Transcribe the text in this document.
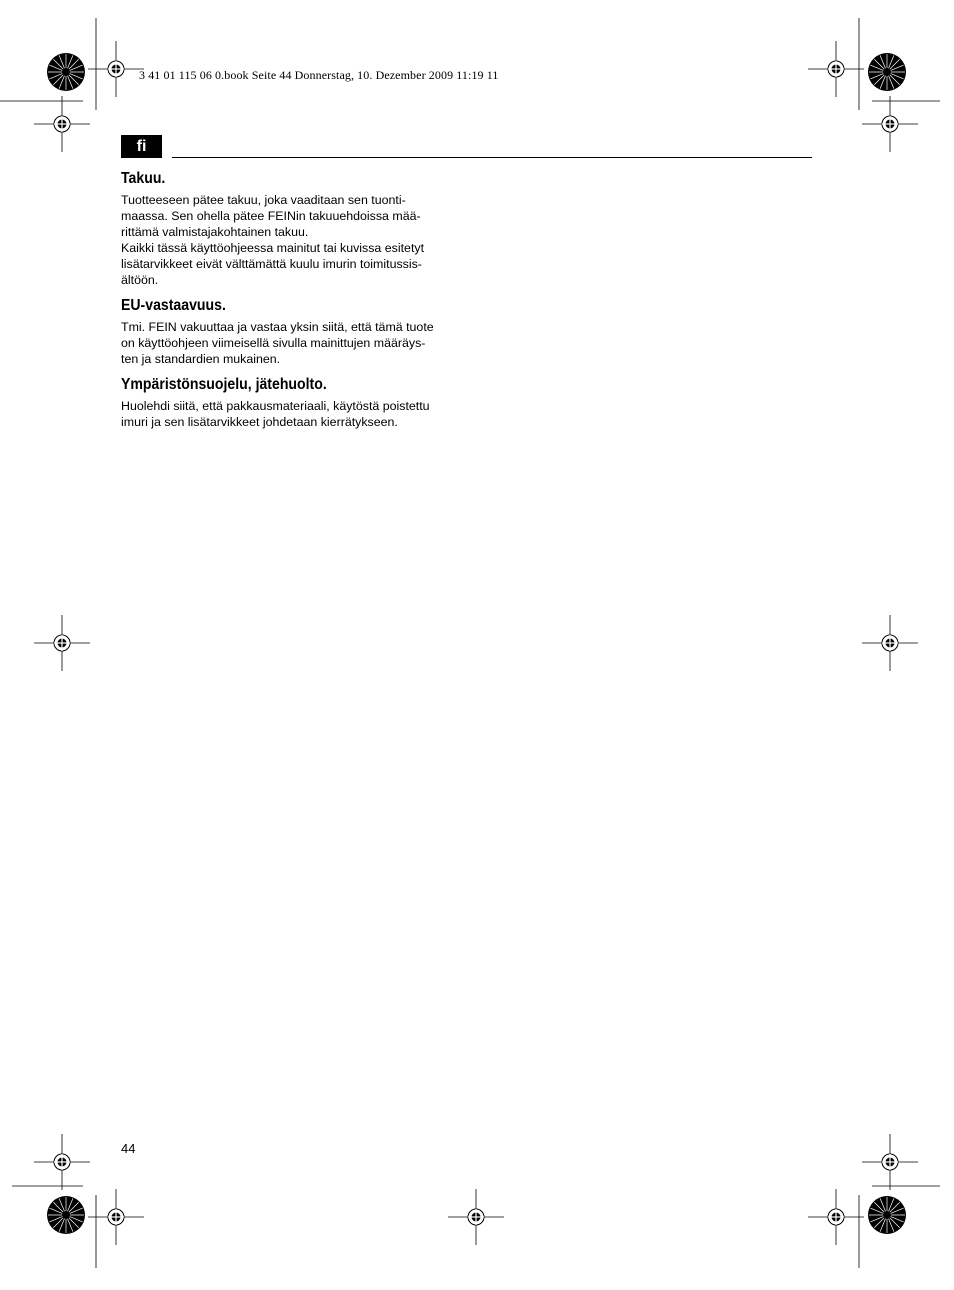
3 41 01 115 06 0.book Seite 44 Donnerstag, 10. Dezember 2009 11:19 11
fi
Takuu.

Tuotteeseen pätee takuu, joka vaaditaan sen tuonti-
maassa. Sen ohella pätee FEINin takuuehdoissa mää-
rittämä valmistajakohtainen takuu.

Kaikki tässä käyttöohjeessa mainitut tai kuvissa esitetyt
lisätarvikkeet eivät välttämättä kuulu imurin toimitussis-
ältöön.

EU-vastaavuus.

Tmi. FEIN vakuuttaa ja vastaa yksin siitä, että tämä tuote
on käyttöohjeen viimeisellä sivulla mainittujen määräys-
ten ja standardien mukainen.

Ympäristönsuojelu, jätehuolto.

Huolehdi siitä, että pakkausmateriaali, käytöstä poistettu
imuri ja sen lisätarvikkeet johdetaan kierrätykseen.

44
